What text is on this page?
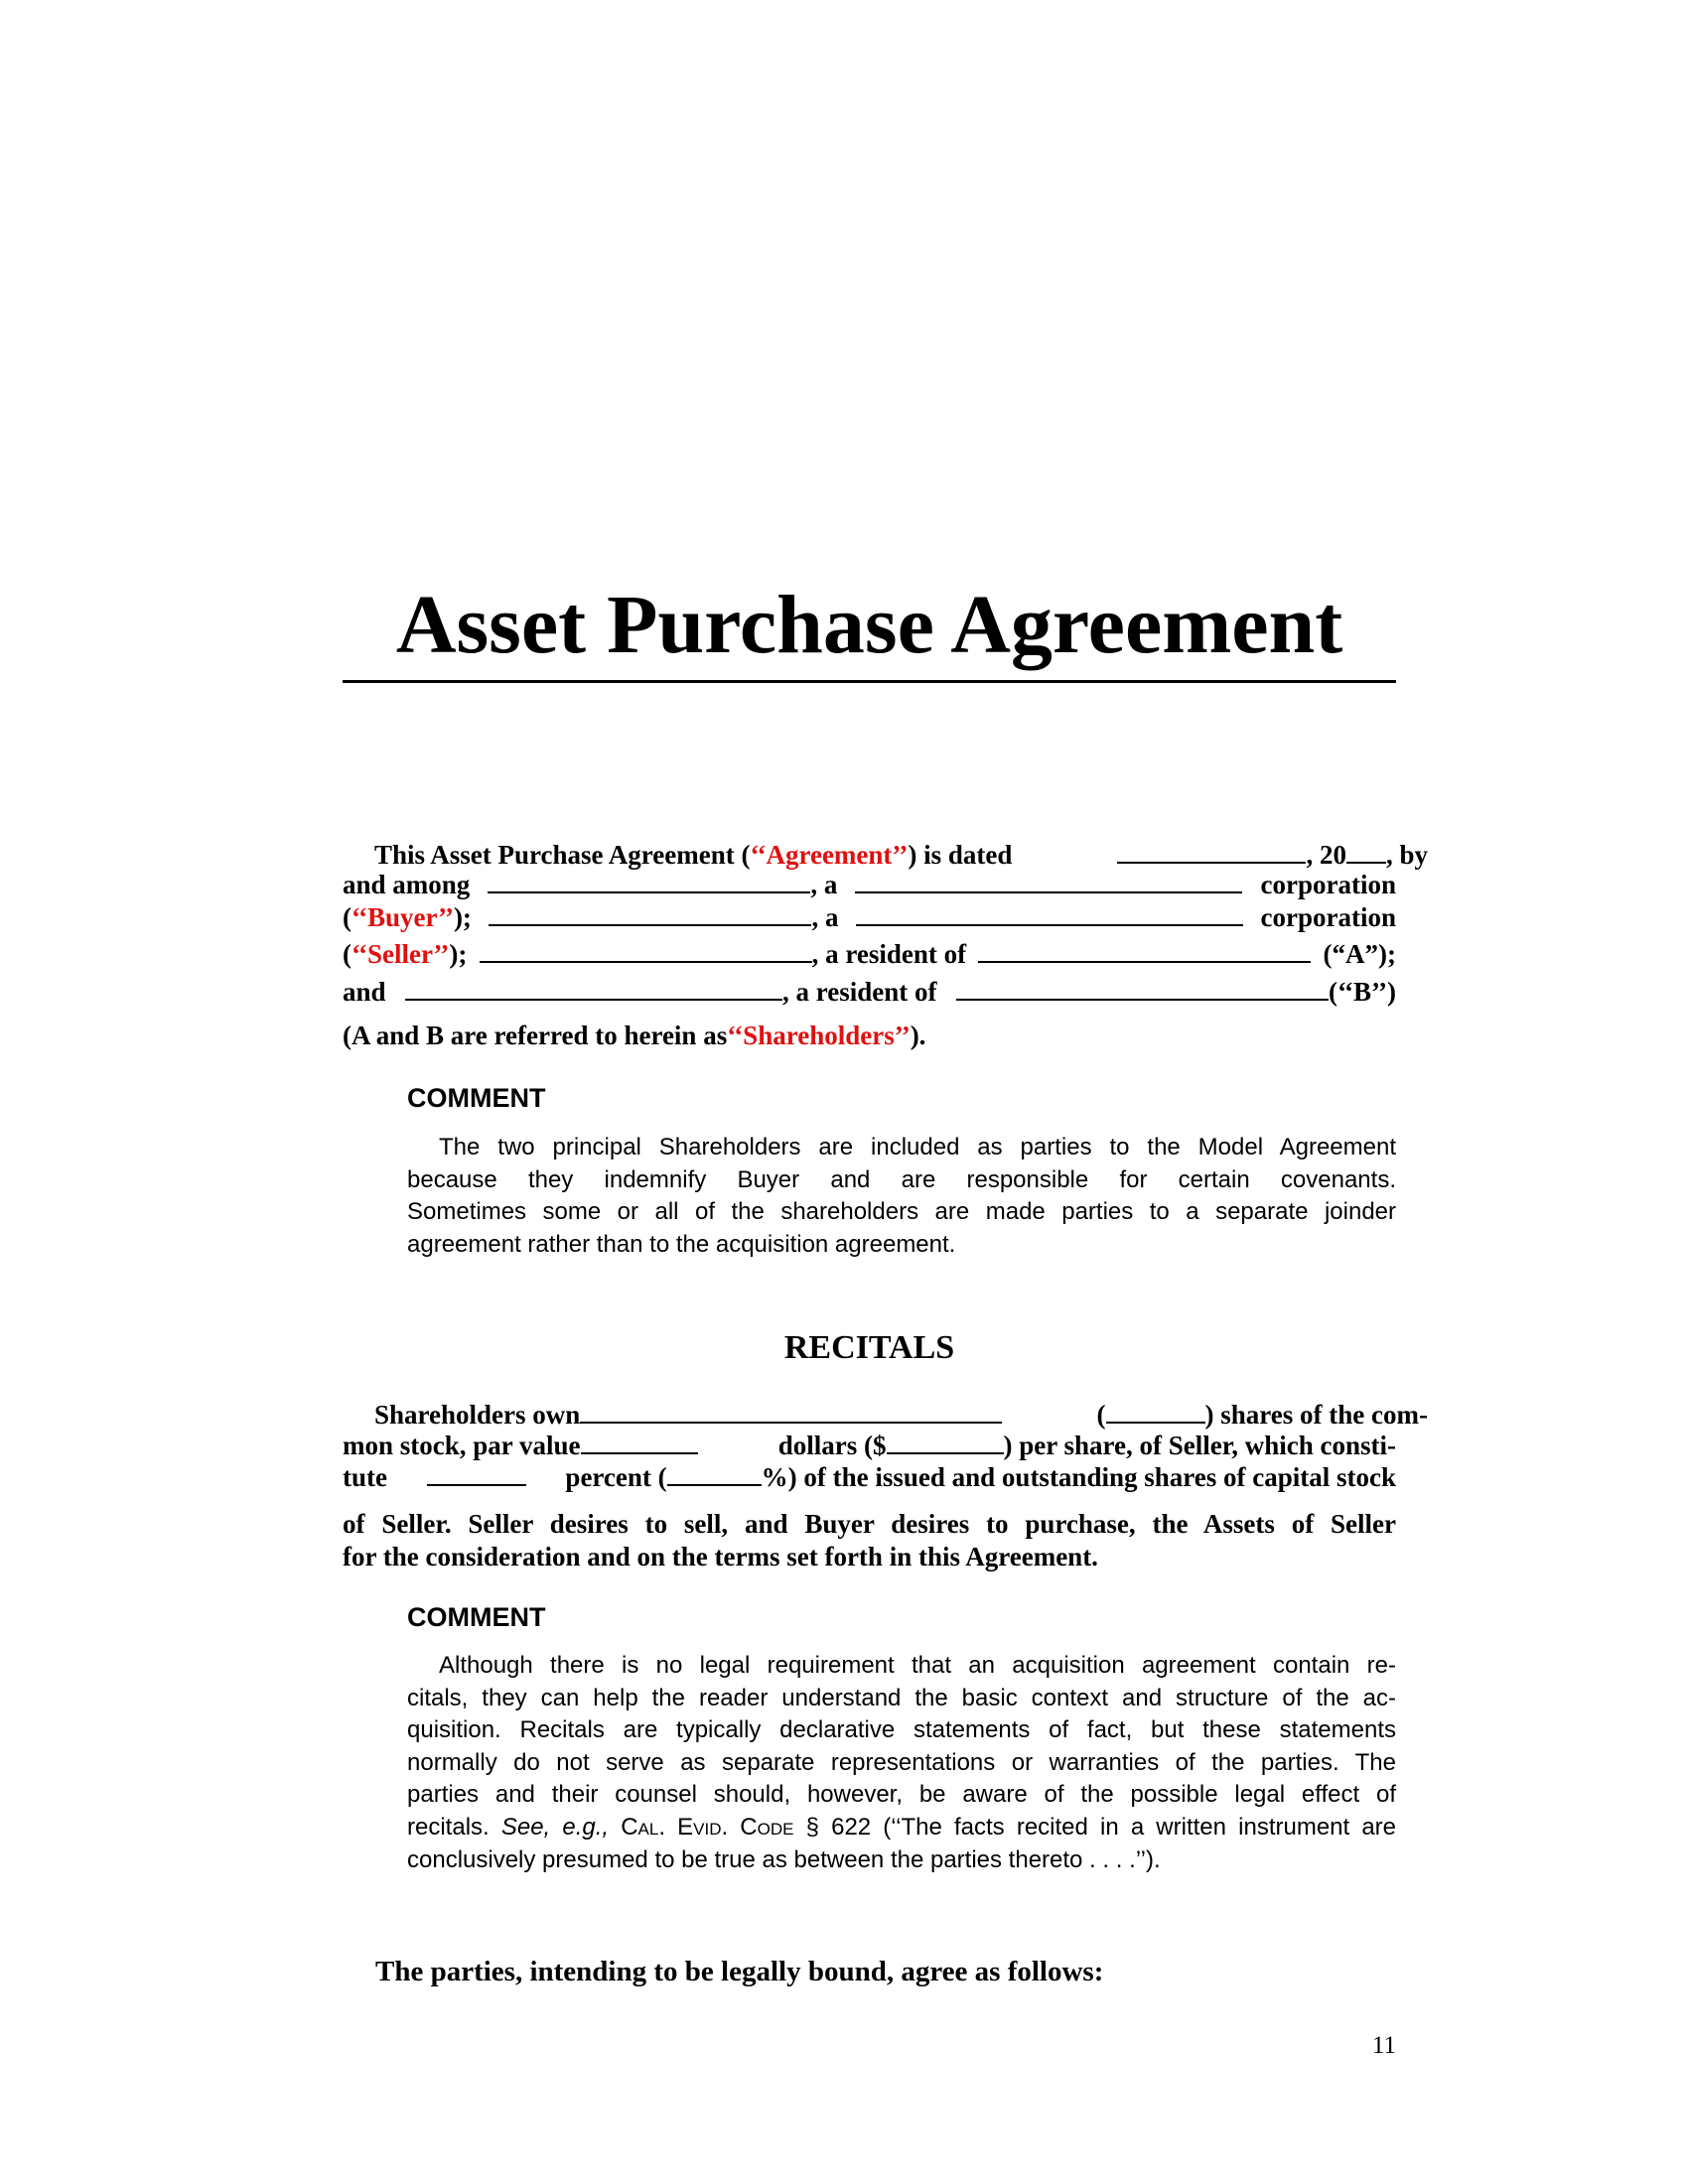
Asset Purchase Agreement
This Asset Purchase Agreement ( ‘‘Agreement’’ ) is dated	, 20 , by
and among	, a	corporation
( ‘‘Buyer’’ );	, a	corporation
( ‘‘Seller’’ );	, a resident of	(“A”);
and	, a resident of	(‘‘B’’)
(A and B are referred to herein as ‘‘Shareholders’’ ).
COMMENT
The two principal Shareholders are included as parties to the Model Agreement
because they indemnify Buyer and are responsible for certain covenants.
Sometimes some or all of the shareholders are made parties to a separate joinder
agreement rather than to the acquisition agreement.
RECITALS
Shareholders own	(	) shares of the com-
mon stock, par value	dollars ($	) per share, of Seller, which consti-
tute	percent (	%) of the issued and outstanding shares of capital stock

of Seller. Seller desires to sell, and Buyer desires to purchase, the Assets of Seller

for the consideration and on the terms set forth in this Agreement.

COMMENT
Although there is no legal requirement that an acquisition agreement contain re-
citals, they can help the reader understand the basic context and structure of the ac-
quisition. Recitals are typically declarative statements of fact, but these statements
normally do not serve as separate representations or warranties of the parties. The
parties and their counsel should, however, be aware of the possible legal effect of
recitals. See, e.g., Cal. Evid. Code § 622 (‘‘The facts recited in a written instrument are
conclusively presumed to be true as between the parties thereto . . . .’’).

The parties, intending to be legally bound, agree as follows:

11
